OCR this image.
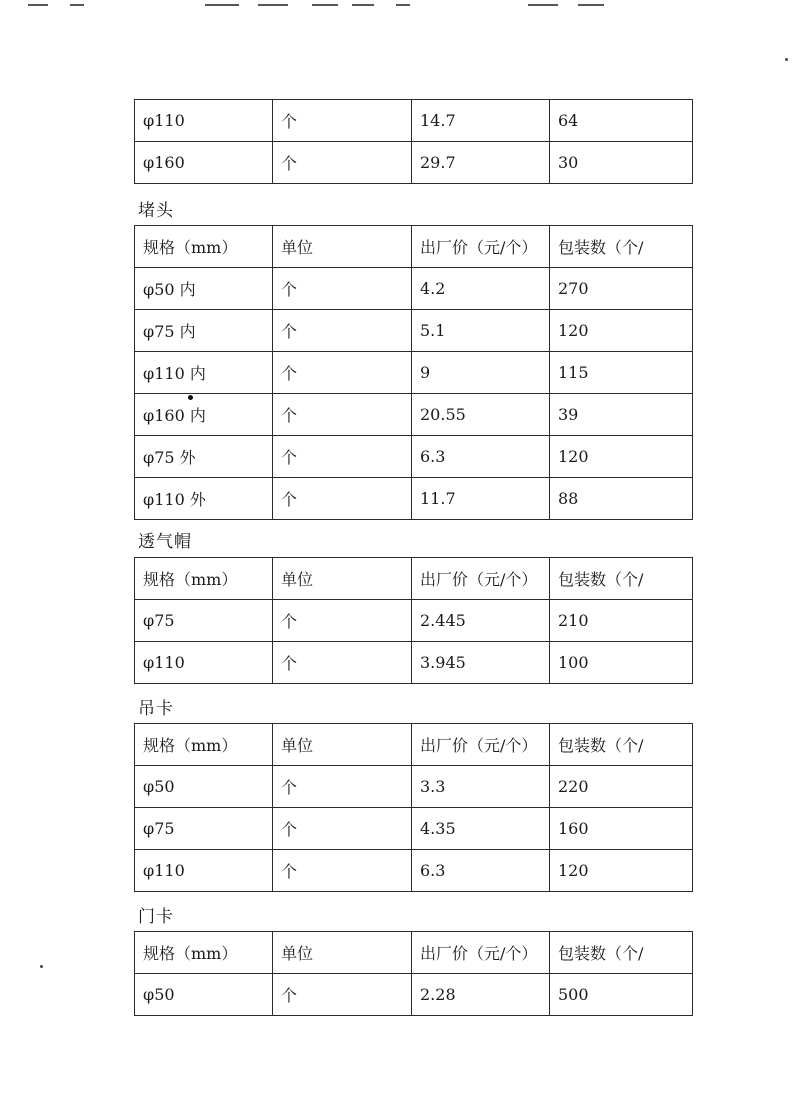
φ110	个	14.7	64
φ160	个	29.7	30
堵头
规格（mm）	单位	出厂价（元/个）	包装数（个/
φ50 内	个	4.2	270
φ75 内	个	5.1	120
φ110 内	个	9	115
φ160 内	个	20.55	39
φ75 外	个	6.3	120
φ110 外	个	11.7	88
透气帽
规格（mm）	单位	出厂价（元/个）	包装数（个/
φ75	个	2.445	210
φ110	个	3.945	100
吊卡
规格（mm）	单位	出厂价（元/个）	包装数（个/
φ50	个	3.3	220
φ75	个	4.35	160
φ110	个	6.3	120
门卡
规格（mm）	单位	出厂价（元/个）	包装数（个/
φ50	个	2.28	500
